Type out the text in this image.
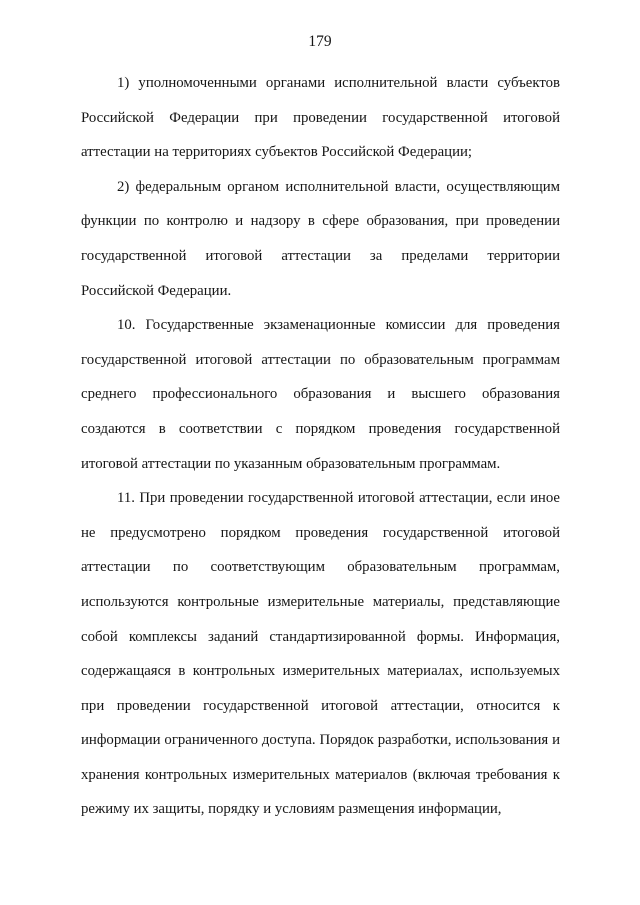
179

1) уполномоченными органами исполнительной власти субъектов Российской Федерации при проведении государственной итоговой аттестации на территориях субъектов Российской Федерации;

2) федеральным органом исполнительной власти, осуществляющим функции по контролю и надзору в сфере образования, при проведении государственной итоговой аттестации за пределами территории Российской Федерации.

10. Государственные экзаменационные комиссии для проведения государственной итоговой аттестации по образовательным программам среднего профессионального образования и высшего образования создаются в соответствии с порядком проведения государственной итоговой аттестации по указанным образовательным программам.

11. При проведении государственной итоговой аттестации, если иное не предусмотрено порядком проведения государственной итоговой аттестации по соответствующим образовательным программам, используются контрольные измерительные материалы, представляющие собой комплексы заданий стандартизированной формы. Информация, содержащаяся в контрольных измерительных материалах, используемых при проведении государственной итоговой аттестации, относится к информации ограниченного доступа. Порядок разработки, использования и хранения контрольных измерительных материалов (включая требования к режиму их защиты, порядку и условиям размещения информации,
